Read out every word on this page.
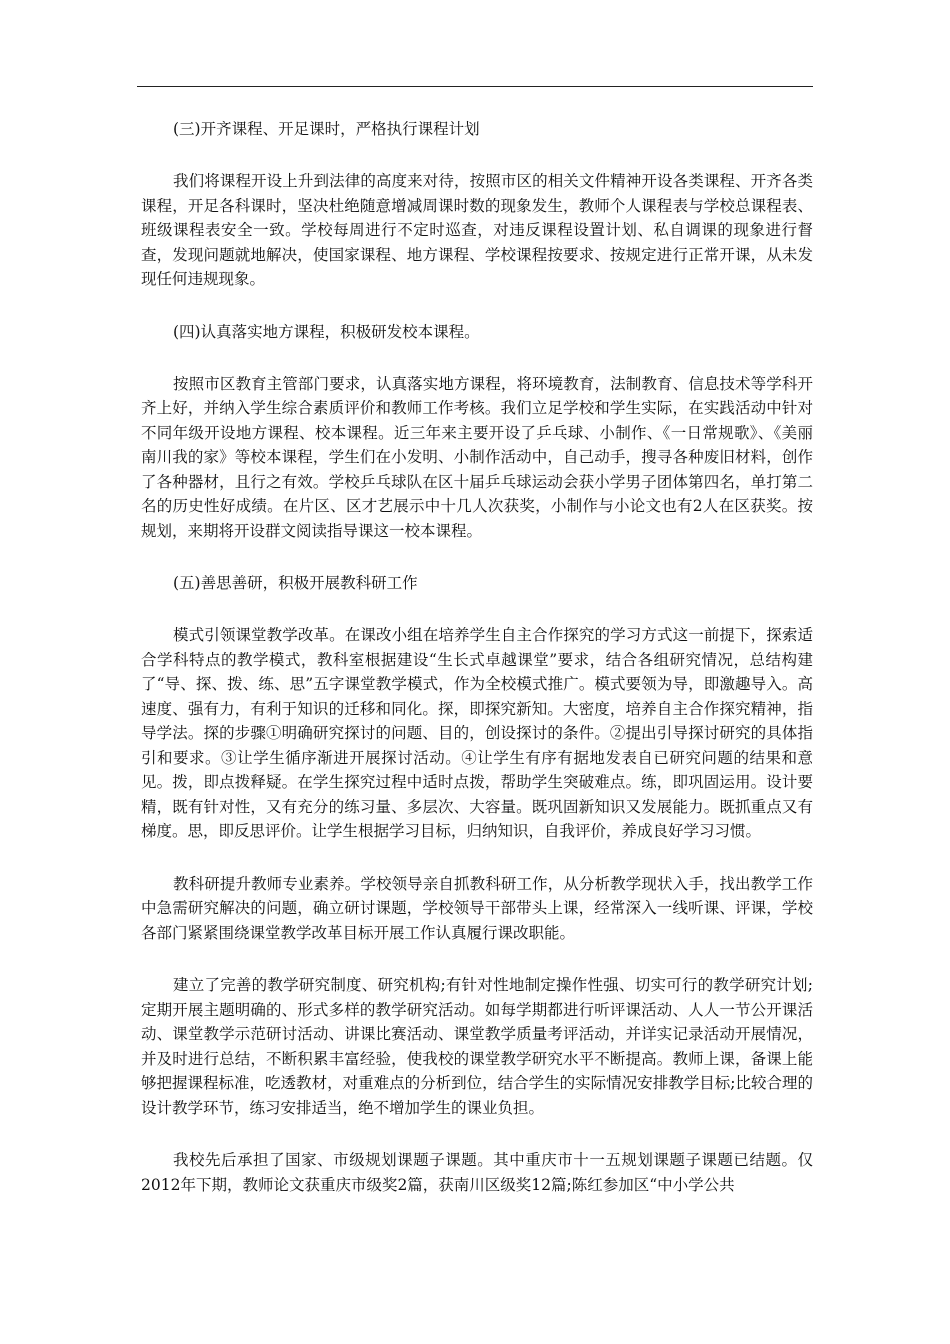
(三)开齐课程、开足课时，严格执行课程计划

我们将课程开设上升到法律的高度来对待，按照市区的相关文件精神开设各类课程、开齐各类课程，开足各科课时，坚决杜绝随意增减周课时数的现象发生，教师个人课程表与学校总课程表、班级课程表安全一致。学校每周进行不定时巡查，对违反课程设置计划、私自调课的现象进行督查，发现问题就地解决，使国家课程、地方课程、学校课程按要求、按规定进行正常开课，从未发现任何违规现象。

(四)认真落实地方课程，积极研发校本课程。

按照市区教育主管部门要求，认真落实地方课程，将环境教育，法制教育、信息技术等学科开齐上好，并纳入学生综合素质评价和教师工作考核。我们立足学校和学生实际，在实践活动中针对不同年级开设地方课程、校本课程。近三年来主要开设了乒乓球、小制作、《一日常规歌》、《美丽南川我的家》等校本课程，学生们在小发明、小制作活动中，自己动手，搜寻各种废旧材料，创作了各种器材，且行之有效。学校乒乓球队在区十届乒乓球运动会获小学男子团体第四名，单打第二名的历史性好成绩。在片区、区才艺展示中十几人次获奖，小制作与小论文也有2人在区获奖。按规划，来期将开设群文阅读指导课这一校本课程。

(五)善思善研，积极开展教科研工作

模式引领课堂教学改革。在课改小组在培养学生自主合作探究的学习方式这一前提下，探索适合学科特点的教学模式，教科室根据建设“生长式卓越课堂”要求，结合各组研究情况，总结构建了“导、探、拨、练、思”五字课堂教学模式，作为全校模式推广。模式要领为导，即激趣导入。高速度、强有力，有利于知识的迁移和同化。探，即探究新知。大密度，培养自主合作探究精神，指导学法。探的步骤①明确研究探讨的问题、目的，创设探讨的条件。②提出引导探讨研究的具体指引和要求。③让学生循序渐进开展探讨活动。④让学生有序有据地发表自已研究问题的结果和意见。拨，即点拨释疑。在学生探究过程中适时点拨，帮助学生突破难点。练，即巩固运用。设计要精，既有针对性，又有充分的练习量、多层次、大容量。既巩固新知识又发展能力。既抓重点又有梯度。思，即反思评价。让学生根据学习目标，归纳知识，自我评价，养成良好学习习惯。

教科研提升教师专业素养。学校领导亲自抓教科研工作，从分析教学现状入手，找出教学工作中急需研究解决的问题，确立研讨课题，学校领导干部带头上课，经常深入一线听课、评课，学校各部门紧紧围绕课堂教学改革目标开展工作认真履行课改职能。

建立了完善的教学研究制度、研究机构;有针对性地制定操作性强、切实可行的教学研究计划;定期开展主题明确的、形式多样的教学研究活动。如每学期都进行听评课活动、人人一节公开课活动、课堂教学示范研讨活动、讲课比赛活动、课堂教学质量考评活动，并详实记录活动开展情况，并及时进行总结，不断积累丰富经验，使我校的课堂教学研究水平不断提高。教师上课，备课上能够把握课程标准，吃透教材，对重难点的分析到位，结合学生的实际情况安排教学目标;比较合理的设计教学环节，练习安排适当，绝不增加学生的课业负担。

我校先后承担了国家、市级规划课题子课题。其中重庆市十一五规划课题子课题已结题。仅2012年下期，教师论文获重庆市级奖2篇，获南川区级奖12篇;陈红参加区“中小学公共
